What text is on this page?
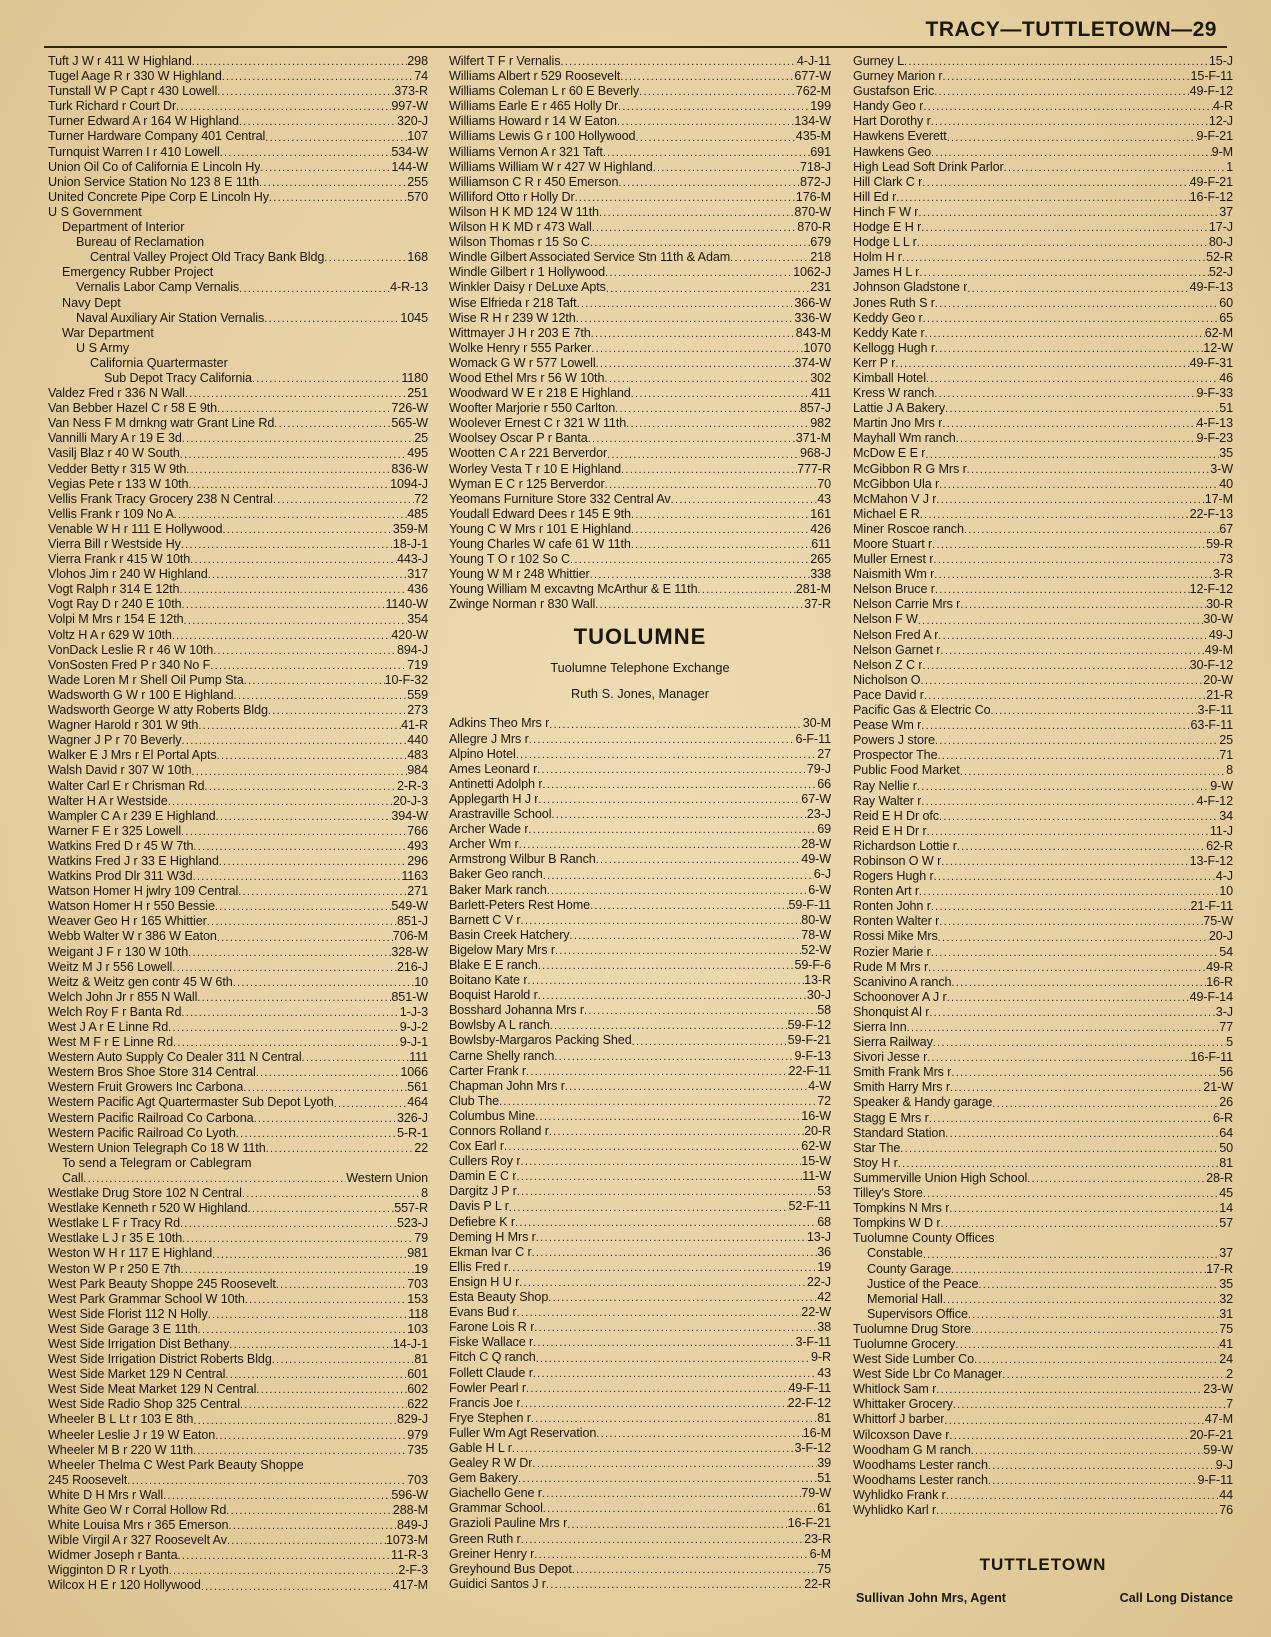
TRACY—TUTTLETOWN—29
Tuft J W r 411 W Highland .....	298
Tugel Aage R r 330 W Highland .....	74
Tunstall W P Capt r 430 Lowell .....	373-R
Turk Richard r Court Dr .....	997-W
Turner Edward A r 164 W Highland .....	320-J
Turner Hardware Company 401 Central .....	107
Turnquist Warren I r 410 Lowell .....	534-W
Union Oil Co of California E Lincoln Hy .....	144-W
Union Service Station No 123 8 E 11th .....	255
United Concrete Pipe Corp E Lincoln Hy .....	570
U S Government
Department of Interior
Bureau of Reclamation
Central Valley Project Old Tracy Bank Bldg .....	168
Emergency Rubber Project
Vernalis Labor Camp Vernalis .....	4-R-13
Navy Dept
Naval Auxiliary Air Station Vernalis .....	1045
War Department
U S Army
California Quartermaster
Sub Depot Tracy California .....	1180
Valdez Fred r 336 N Wall .....	251
Van Bebber Hazel C r 58 E 9th .....	726-W
Van Ness F M drnkng watr Grant Line Rd .....	565-W
Vannilli Mary A r 19 E 3d .....	25
Vasilj Blaz r 40 W South .....	495
Vedder Betty r 315 W 9th .....	836-W
Vegias Pete r 133 W 10th .....	1094-J
Vellis Frank Tracy Grocery 238 N Central .....	72
Vellis Frank r 109 No A .....	485
Venable W H r 111 E Hollywood .....	359-M
Vierra Bill r Westside Hy .....	18-J-1
Vierra Frank r 415 W 10th .....	443-J
Vlohos Jim r 240 W Highland .....	317
Vogt Ralph r 314 E 12th .....	436
Vogt Ray D r 240 E 10th .....	1140-W
Volpi M Mrs r 154 E 12th .....	354
Voltz H A r 629 W 10th .....	420-W
VonDack Leslie R r 46 W 10th .....	894-J
VonSosten Fred P r 340 No F .....	719
Wade Loren M r Shell Oil Pump Sta .....	10-F-32
Wadsworth G W r 100 E Highland .....	559
Wadsworth George W atty Roberts Bldg .....	273
Wagner Harold r 301 W 9th .....	41-R
Wagner J P r 70 Beverly .....	440
Walker E J Mrs r El Portal Apts .....	483
Walsh David r 307 W 10th .....	984
Walter Carl E r Chrisman Rd .....	2-R-3
Walter H A r Westside .....	20-J-3
Wampler C A r 239 E Highland .....	394-W
Warner F E r 325 Lowell .....	766
Watkins Fred D r 45 W 7th .....	493
Watkins Fred J r 33 E Highland .....	296
Watkins Prod Dlr 311 W3d .....	1163
Watson Homer H jwlry 109 Central .....	271
Watson Homer H r 550 Bessie .....	549-W
Weaver Geo H r 165 Whittier .....	851-J
Webb Walter W r 386 W Eaton .....	706-M
Weigant J F r 130 W 10th .....	328-W
Weitz M J r 556 Lowell .....	216-J
Weitz & Weitz gen contr 45 W 6th .....	10
Welch John Jr r 855 N Wall .....	851-W
Welch Roy F r Banta Rd .....	1-J-3
West J A r E Linne Rd .....	9-J-2
West M F r E Linne Rd .....	9-J-1
Western Auto Supply Co Dealer 311 N Central .....	111
Western Bros Shoe Store 314 Central .....	1066
Western Fruit Growers Inc Carbona .....	561
Western Pacific Agt Quartermaster Sub Depot Lyoth .....	464
Western Pacific Railroad Co Carbona .....	326-J
Western Pacific Railroad Co Lyoth .....	5-R-1
Western Union Telegraph Co 18 W 11th .....	22
To send a Telegram or Cablegram
Call .....	Western Union
Westlake Drug Store 102 N Central .....	8
Westlake Kenneth r 520 W Highland .....	557-R
Westlake L F r Tracy Rd .....	523-J
Westlake L J r 35 E 10th .....	79
Weston W H r 117 E Highland .....	981
Weston W P r 250 E 7th .....	19
West Park Beauty Shoppe 245 Roosevelt .....	703
West Park Grammar School W 10th .....	153
West Side Florist 112 N Holly .....	118
West Side Garage 3 E 11th .....	103
West Side Irrigation Dist Bethany .....	14-J-1
West Side Irrigation District Roberts Bldg .....	81
West Side Market 129 N Central .....	601
West Side Meat Market 129 N Central .....	602
West Side Radio Shop 325 Central .....	622
Wheeler B L Lt r 103 E 8th .....	829-J
Wheeler Leslie J r 19 W Eaton .....	979
Wheeler M B r 220 W 11th .....	735
Wheeler Thelma C West Park Beauty Shoppe
245 Roosevelt .....	703
White D H Mrs r Wall .....	596-W
White Geo W r Corral Hollow Rd .....	288-M
White Louisa Mrs r 365 Emerson .....	849-J
Wible Virgil A r 327 Roosevelt Av .....	1073-M
Widmer Joseph r Banta .....	11-R-3
Wigginton D R r Lyoth .....	2-F-3
Wilcox H E r 120 Hollywood .....	417-M
Wilfert T F r Vernalis .....	4-J-11
Williams Albert r 529 Roosevelt .....	677-W
Williams Coleman L r 60 E Beverly .....	762-M
Williams Earle E r 465 Holly Dr .....	199
Williams Howard r 14 W Eaton .....	134-W
Williams Lewis G r 100 Hollywood .....	435-M
Williams Vernon A r 321 Taft .....	691
Williams William W r 427 W Highland .....	718-J
Williamson C R r 450 Emerson .....	872-J
Williford Otto r Holly Dr .....	176-M
Wilson H K MD 124 W 11th .....	870-W
Wilson H K MD r 473 Wall .....	870-R
Wilson Thomas r 15 So C .....	679
Windle Gilbert Associated Service Stn 11th & Adam .....	218
Windle Gilbert r 1 Hollywood .....	1062-J
Winkler Daisy r DeLuxe Apts .....	231
Wise Elfrieda r 218 Taft .....	366-W
Wise R H r 239 W 12th .....	336-W
Wittmayer J H r 203 E 7th .....	843-M
Wolke Henry r 555 Parker .....	1070
Womack G W r 577 Lowell .....	374-W
Wood Ethel Mrs r 56 W 10th .....	302
Woodward W E r 218 E Highland .....	411
Woofter Marjorie r 550 Carlton .....	857-J
Woolever Ernest C r 321 W 11th .....	982
Woolsey Oscar P r Banta .....	371-M
Wootten C A r 221 Berverdor .....	968-J
Worley Vesta T r 10 E Highland .....	777-R
Wyman E C r 125 Berverdor .....	70
Yeomans Furniture Store 332 Central Av .....	43
Youdall Edward Dees r 145 E 9th .....	161
Young C W Mrs r 101 E Highland .....	426
Young Charles W cafe 61 W 11th .....	611
Young T O r 102 So C .....	265
Young W M r 248 Whittier .....	338
Young William M excavtng McArthur & E 11th .....	281-M
Zwinge Norman r 830 Wall .....	37-R
TUOLUMNE
Tuolumne Telephone Exchange
Ruth S. Jones, Manager
Adkins Theo Mrs r .....	30-M
Allegre J Mrs r .....	6-F-11
Alpino Hotel .....	27
Ames Leonard r .....	79-J
Antinetti Adolph r .....	66
Applegarth H J r .....	67-W
Arastraville School .....	23-J
Archer Wade r .....	69
Archer Wm r .....	28-W
Armstrong Wilbur B Ranch .....	49-W
Baker Geo ranch .....	6-J
Baker Mark ranch .....	6-W
Barlett-Peters Rest Home .....	59-F-11
Barnett C V r .....	80-W
Basin Creek Hatchery .....	78-W
Bigelow Mary Mrs r .....	52-W
Blake E E ranch .....	59-F-6
Boitano Kate r .....	13-R
Boquist Harold r .....	30-J
Bosshard Johanna Mrs r .....	58
Bowlsby A L ranch .....	59-F-12
Bowlsby-Margaros Packing Shed .....	59-F-21
Carne Shelly ranch .....	9-F-13
Carter Frank r .....	22-F-11
Chapman John Mrs r .....	4-W
Club The .....	72
Columbus Mine .....	16-W
Connors Rolland r .....	20-R
Cox Earl r .....	62-W
Cullers Roy r .....	15-W
Damin E C r .....	11-W
Dargitz J P r .....	53
Davis P L r .....	52-F-11
Defiebre K r .....	68
Deming H Mrs r .....	13-J
Ekman Ivar C r .....	36
Ellis Fred r .....	19
Ensign H U r .....	22-J
Esta Beauty Shop .....	42
Evans Bud r .....	22-W
Farone Lois R r .....	38
Fiske Wallace r .....	3-F-11
Fitch C Q ranch .....	9-R
Follett Claude r .....	43
Fowler Pearl r .....	49-F-11
Francis Joe r .....	22-F-12
Frye Stephen r .....	81
Fuller Wm Agt Reservation .....	16-M
Gable H L r .....	3-F-12
Gealey R W Dr .....	39
Gem Bakery .....	51
Giachello Gene r .....	79-W
Grammar School .....	61
Grazioli Pauline Mrs r .....	16-F-21
Green Ruth r .....	23-R
Greiner Henry r .....	6-M
Greyhound Bus Depot .....	75
Guidici Santos J r .....	22-R
Gurney L .....	15-J
Gurney Marion r .....	15-F-11
Gustafson Eric .....	49-F-12
Handy Geo r .....	4-R
Hart Dorothy r .....	12-J
Hawkens Everett .....	9-F-21
Hawkens Geo .....	9-M
High Lead Soft Drink Parlor .....	1
Hill Clark C r .....	49-F-21
Hill Ed r .....	16-F-12
Hinch F W r .....	37
Hodge E H r .....	17-J
Hodge L L r .....	80-J
Holm H r .....	52-R
James H L r .....	52-J
Johnson Gladstone r .....	49-F-13
Jones Ruth S r .....	60
Keddy Geo r .....	65
Keddy Kate r .....	62-M
Kellogg Hugh r .....	12-W
Kerr P r .....	49-F-31
Kimball Hotel .....	46
Kress W ranch .....	9-F-33
Lattie J A Bakery .....	51
Martin Jno Mrs r .....	4-F-13
Mayhall Wm ranch .....	9-F-23
McDow E E r .....	35
McGibbon R G Mrs r .....	3-W
McGibbon Ula r .....	40
McMahon V J r .....	17-M
Michael E R .....	22-F-13
Miner Roscoe ranch .....	67
Moore Stuart r .....	59-R
Muller Ernest r .....	73
Naismith Wm r .....	3-R
Nelson Bruce r .....	12-F-12
Nelson Carrie Mrs r .....	30-R
Nelson F W .....	30-W
Nelson Fred A r .....	49-J
Nelson Garnet r .....	49-M
Nelson Z C r .....	30-F-12
Nicholson O .....	20-W
Pace David r .....	21-R
Pacific Gas & Electric Co .....	3-F-11
Pease Wm r .....	63-F-11
Powers J store .....	25
Prospector The .....	71
Public Food Market .....	8
Ray Nellie r .....	9-W
Ray Walter r .....	4-F-12
Reid E H Dr ofc .....	34
Reid E H Dr r .....	11-J
Richardson Lottie r .....	62-R
Robinson O W r .....	13-F-12
Rogers Hugh r .....	4-J
Ronten Art r .....	10
Ronten John r .....	21-F-11
Ronten Walter r .....	75-W
Rossi Mike Mrs .....	20-J
Rozier Marie r .....	54
Rude M Mrs r .....	49-R
Scanivino A ranch .....	16-R
Schoonover A J r .....	49-F-14
Shonquist Al r .....	3-J
Sierra Inn .....	77
Sierra Railway .....	5
Sivori Jesse r .....	16-F-11
Smith Frank Mrs r .....	56
Smith Harry Mrs r .....	21-W
Speaker & Handy garage .....	26
Stagg E Mrs r .....	6-R
Standard Station .....	64
Star The .....	50
Stoy H r .....	81
Summerville Union High School .....	28-R
Tilley's Store .....	45
Tompkins N Mrs r .....	14
Tompkins W D r .....	57
Tuolumne County Offices
Constable .....	37
County Garage .....	17-R
Justice of the Peace .....	35
Memorial Hall .....	32
Supervisors Office .....	31
Tuolumne Drug Store .....	75
Tuolumne Grocery .....	41
West Side Lumber Co .....	24
West Side Lbr Co Manager .....	2
Whitlock Sam r .....	23-W
Whittaker Grocery .....	7
Whittorf J barber .....	47-M
Wilcoxson Dave r .....	20-F-21
Woodham G M ranch .....	59-W
Woodhams Lester ranch .....	9-J
Woodhams Lester ranch .....	9-F-11
Wyhlidko Frank r .....	44
Wyhlidko Karl r .....	76
TUTTLETOWN
Sullivan John Mrs, Agent	Call Long Distance
